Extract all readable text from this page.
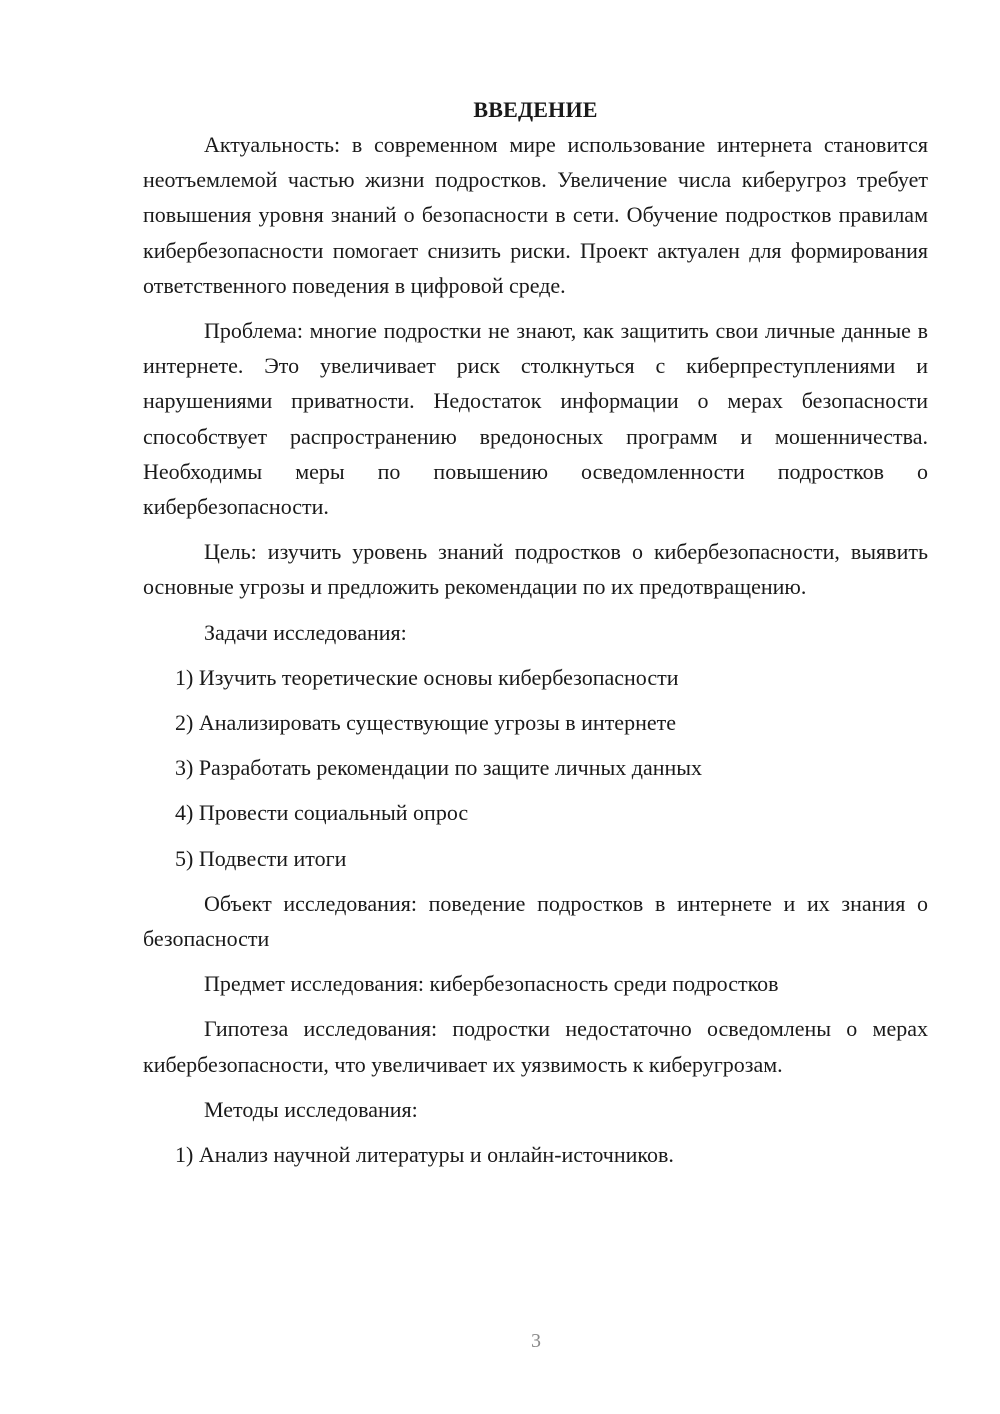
ВВЕДЕНИЕ

Актуальность: в современном мире использование интернета становится неотъемлемой частью жизни подростков. Увеличение числа киберугроз требует повышения уровня знаний о безопасности в сети. Обучение подростков правилам кибербезопасности помогает снизить риски. Проект актуален для формирования ответственного поведения в цифровой среде.

Проблема: многие подростки не знают, как защитить свои личные данные в интернете. Это увеличивает риск столкнуться с киберпреступлениями и нарушениями приватности. Недостаток информации о мерах безопасности способствует распространению вредоносных программ и мошенничества. Необходимы меры по повышению осведомленности подростков о кибербезопасности.

Цель: изучить уровень знаний подростков о кибербезопасности, выявить основные угрозы и предложить рекомендации по их предотвращению.

Задачи исследования:

1) Изучить теоретические основы кибербезопасности

2) Анализировать существующие угрозы в интернете

3) Разработать рекомендации по защите личных данных

4) Провести социальный опрос

5) Подвести итоги

Объект исследования: поведение подростков в интернете и их знания о безопасности

Предмет исследования: кибербезопасность среди подростков

Гипотеза исследования: подростки недостаточно осведомлены о мерах кибербезопасности, что увеличивает их уязвимость к киберугрозам.

Методы исследования:

1) Анализ научной литературы и онлайн-источников.

3
